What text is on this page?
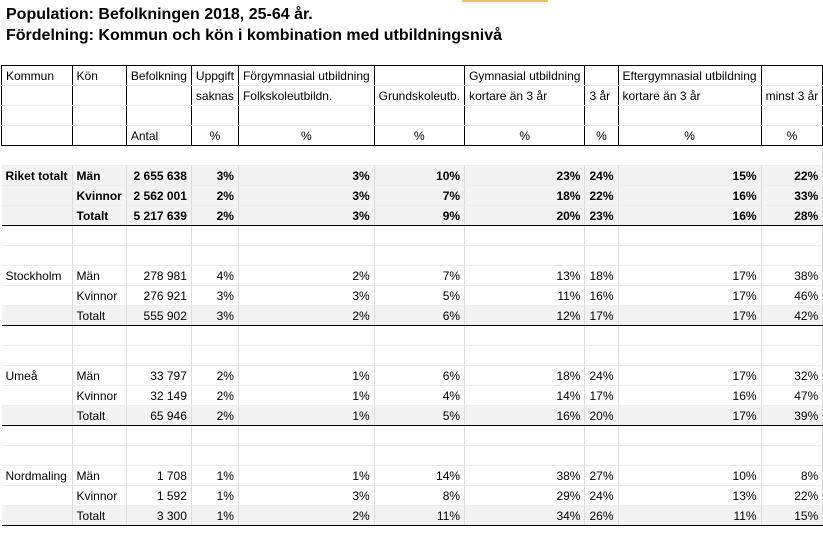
Population: Befolkningen 2018, 25-64 år.
Fördelning: Kommun och kön i kombination med utbildningsnivå
Kommun	Kön	Befolkning	Uppgift	Förgymnasial utbildning		Gymnasial utbildning		Eftergymnasial utbildning	
			saknas	Folkskoleutbildn.	Grundskoleutb.	kortare än 3 år	3 år	kortare än 3 år	minst 3 år

		Antal	%	%	%	%	%	%	%

Riket totalt	Män	2 655 638	3%	3%	10%	23%	24%	15%	22%
	Kvinnor	2 562 001	2%	3%	7%	18%	22%	16%	33%
	Totalt	5 217 639	2%	3%	9%	20%	23%	16%	28%

Stockholm	Män	278 981	4%	2%	7%	13%	18%	17%	38%
	Kvinnor	276 921	3%	3%	5%	11%	16%	17%	46%
	Totalt	555 902	3%	2%	6%	12%	17%	17%	42%

Umeå	Män	33 797	2%	1%	6%	18%	24%	17%	32%
	Kvinnor	32 149	2%	1%	4%	14%	17%	16%	47%
	Totalt	65 946	2%	1%	5%	16%	20%	17%	39%

Nordmaling	Män	1 708	1%	1%	14%	38%	27%	10%	8%
	Kvinnor	1 592	1%	3%	8%	29%	24%	13%	22%
	Totalt	3 300	1%	2%	11%	34%	26%	11%	15%
